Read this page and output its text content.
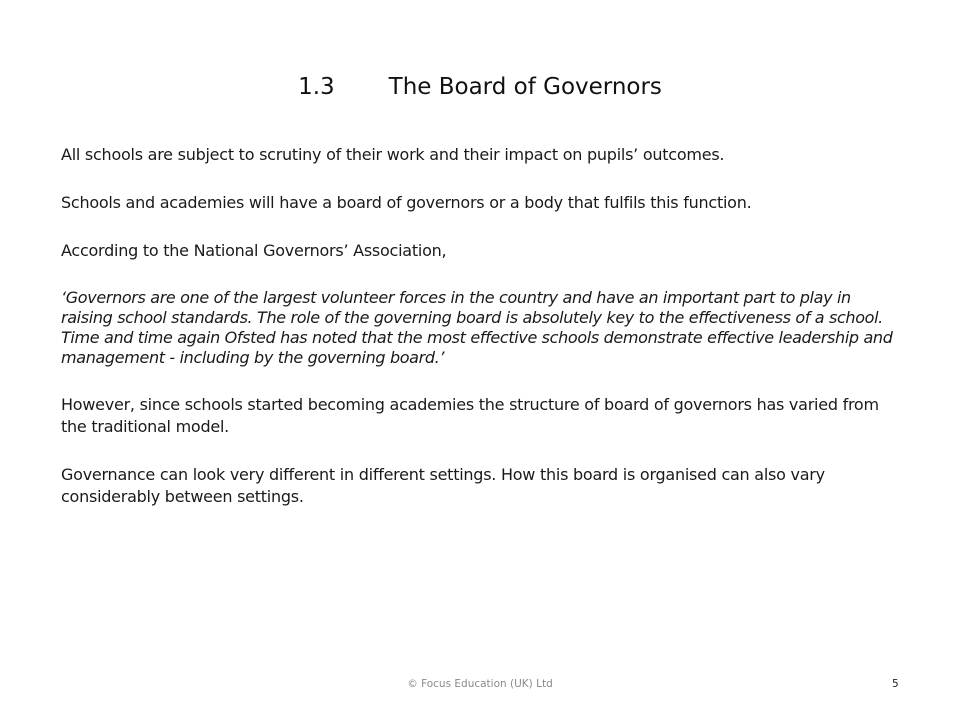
1.3 The Board of Governors

All schools are subject to scrutiny of their work and their impact on pupils’ outcomes.

Schools and academies will have a board of governors or a body that fulfils this function.

According to the National Governors’ Association,

‘Governors are one of the largest volunteer forces in the country and have an important part to play in raising school standards. The role of the governing board is absolutely key to the effectiveness of a school. Time and time again Ofsted has noted that the most effective schools demonstrate effective leadership and management - including by the governing board.’

However, since schools started becoming academies the structure of board of governors has varied from the traditional model.

Governance can look very different in different settings. How this board is organised can also vary considerably between settings.

© Focus Education (UK) Ltd	5
